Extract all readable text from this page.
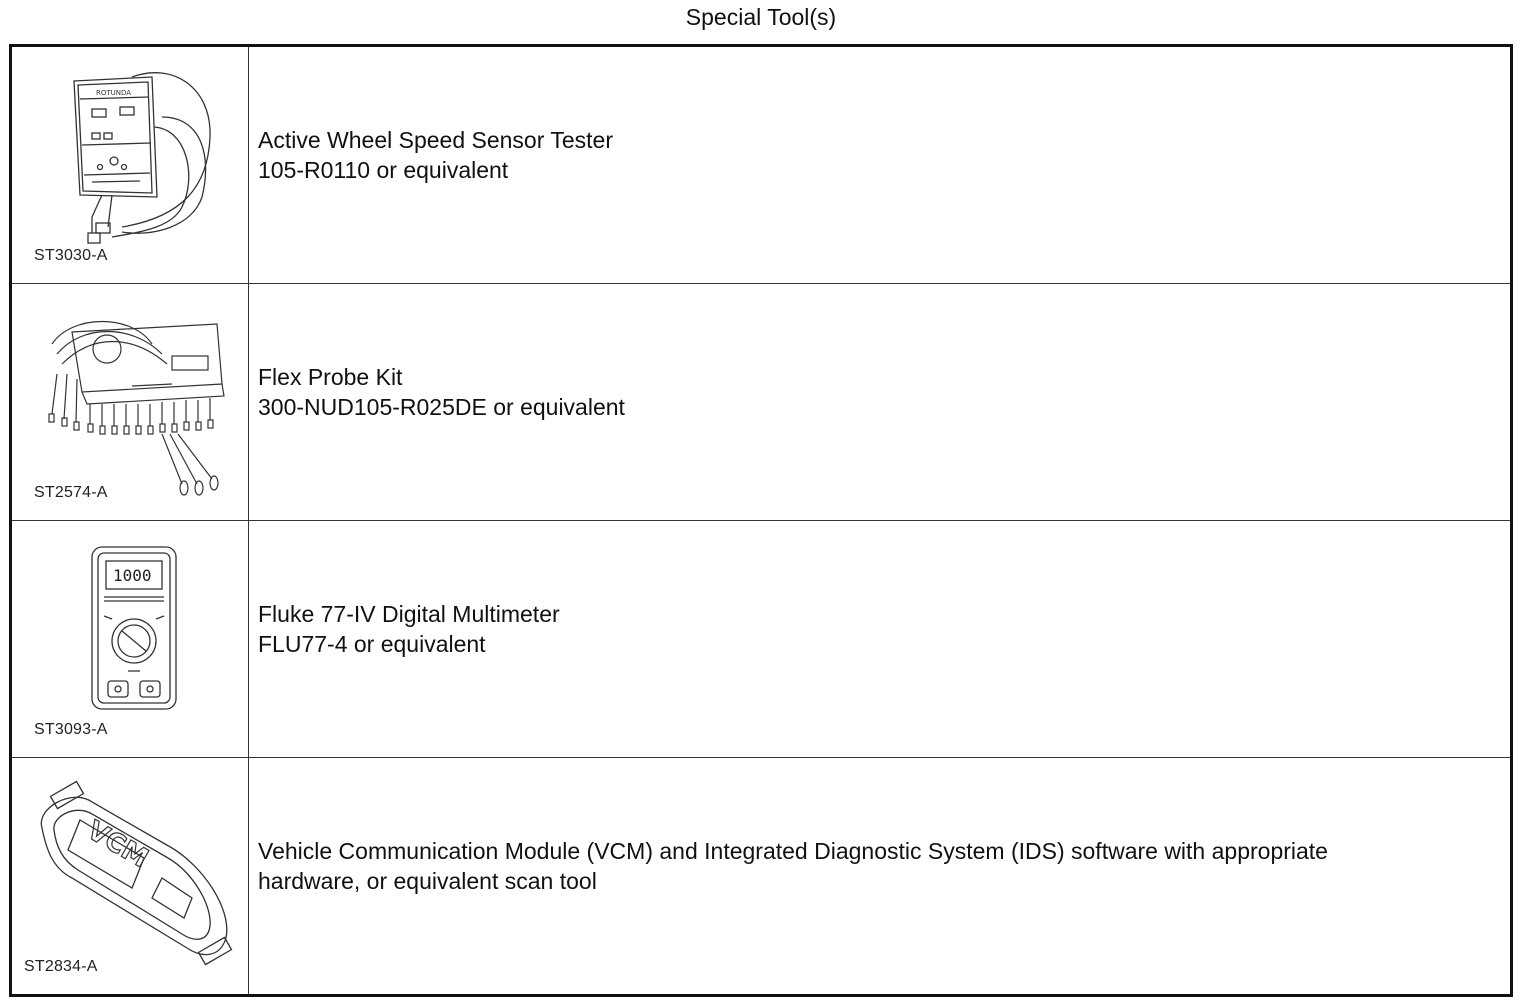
Special Tool(s)
ROTUNDA
ST3030-A	Active Wheel Speed Sensor Tester
105-R0110 or equivalent

ST2574-A	Flex Probe Kit
300-NUD105-R025DE or equivalent

1000
ST3093-A	Fluke 77-IV Digital Multimeter
FLU77-4 or equivalent

VCM
ST2834-A	Vehicle Communication Module (VCM) and Integrated Diagnostic System (IDS) software with appropriate
hardware, or equivalent scan tool
